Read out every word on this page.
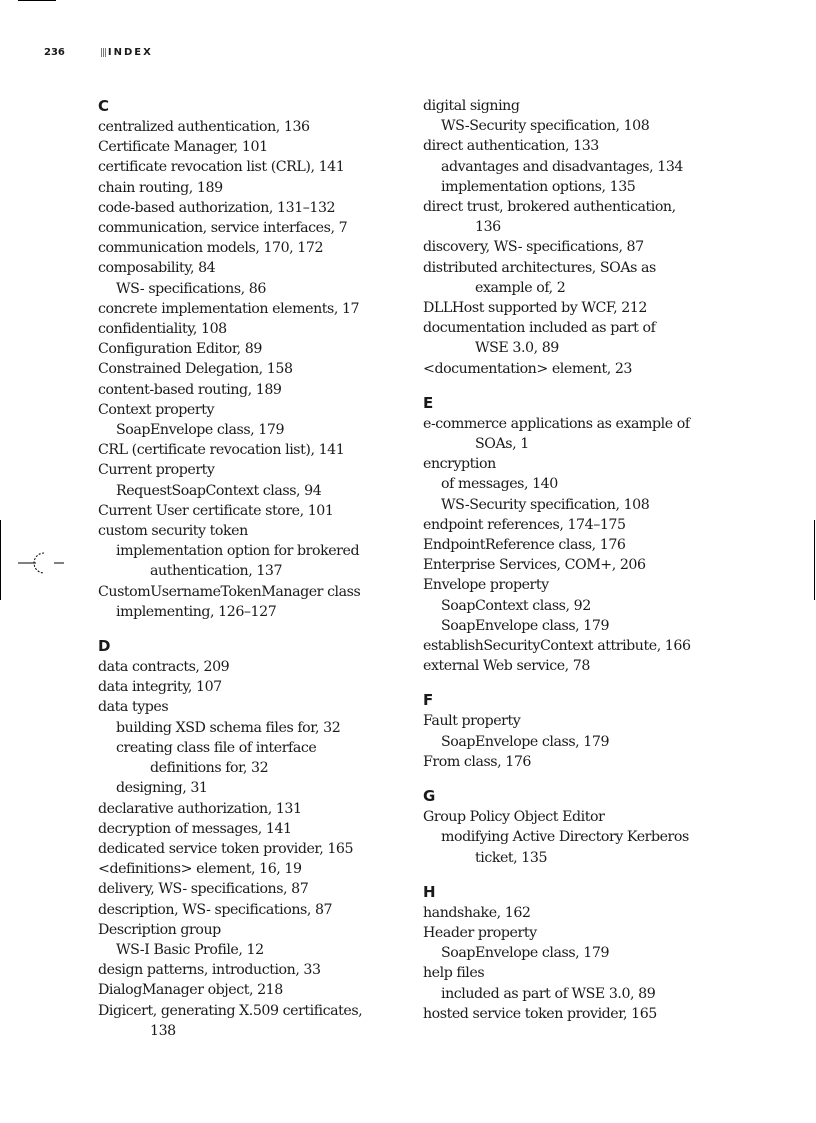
236	INDEX
C
centralized authentication, 136
Certificate Manager, 101
certificate revocation list (CRL), 141
chain routing, 189
code-based authorization, 131–132
communication, service interfaces, 7
communication models, 170, 172
composability, 84
WS- specifications, 86
concrete implementation elements, 17
confidentiality, 108
Configuration Editor, 89
Constrained Delegation, 158
content-based routing, 189
Context property
SoapEnvelope class, 179
CRL (certificate revocation list), 141
Current property
RequestSoapContext class, 94
Current User certificate store, 101
custom security token
implementation option for brokered
authentication, 137
CustomUsernameTokenManager class
implementing, 126–127
D
data contracts, 209
data integrity, 107
data types
building XSD schema files for, 32
creating class file of interface
definitions for, 32
designing, 31
declarative authorization, 131
decryption of messages, 141
dedicated service token provider, 165
<definitions> element, 16, 19
delivery, WS- specifications, 87
description, WS- specifications, 87
Description group
WS-I Basic Profile, 12
design patterns, introduction, 33
DialogManager object, 218
Digicert, generating X.509 certificates,
138
digital signing
WS-Security specification, 108
direct authentication, 133
advantages and disadvantages, 134
implementation options, 135
direct trust, brokered authentication,
136
discovery, WS- specifications, 87
distributed architectures, SOAs as
example of, 2
DLLHost supported by WCF, 212
documentation included as part of
WSE 3.0, 89
<documentation> element, 23
E
e-commerce applications as example of
SOAs, 1
encryption
of messages, 140
WS-Security specification, 108
endpoint references, 174–175
EndpointReference class, 176
Enterprise Services, COM+, 206
Envelope property
SoapContext class, 92
SoapEnvelope class, 179
establishSecurityContext attribute, 166
external Web service, 78
F
Fault property
SoapEnvelope class, 179
From class, 176
G
Group Policy Object Editor
modifying Active Directory Kerberos
ticket, 135
H
handshake, 162
Header property
SoapEnvelope class, 179
help files
included as part of WSE 3.0, 89
hosted service token provider, 165
